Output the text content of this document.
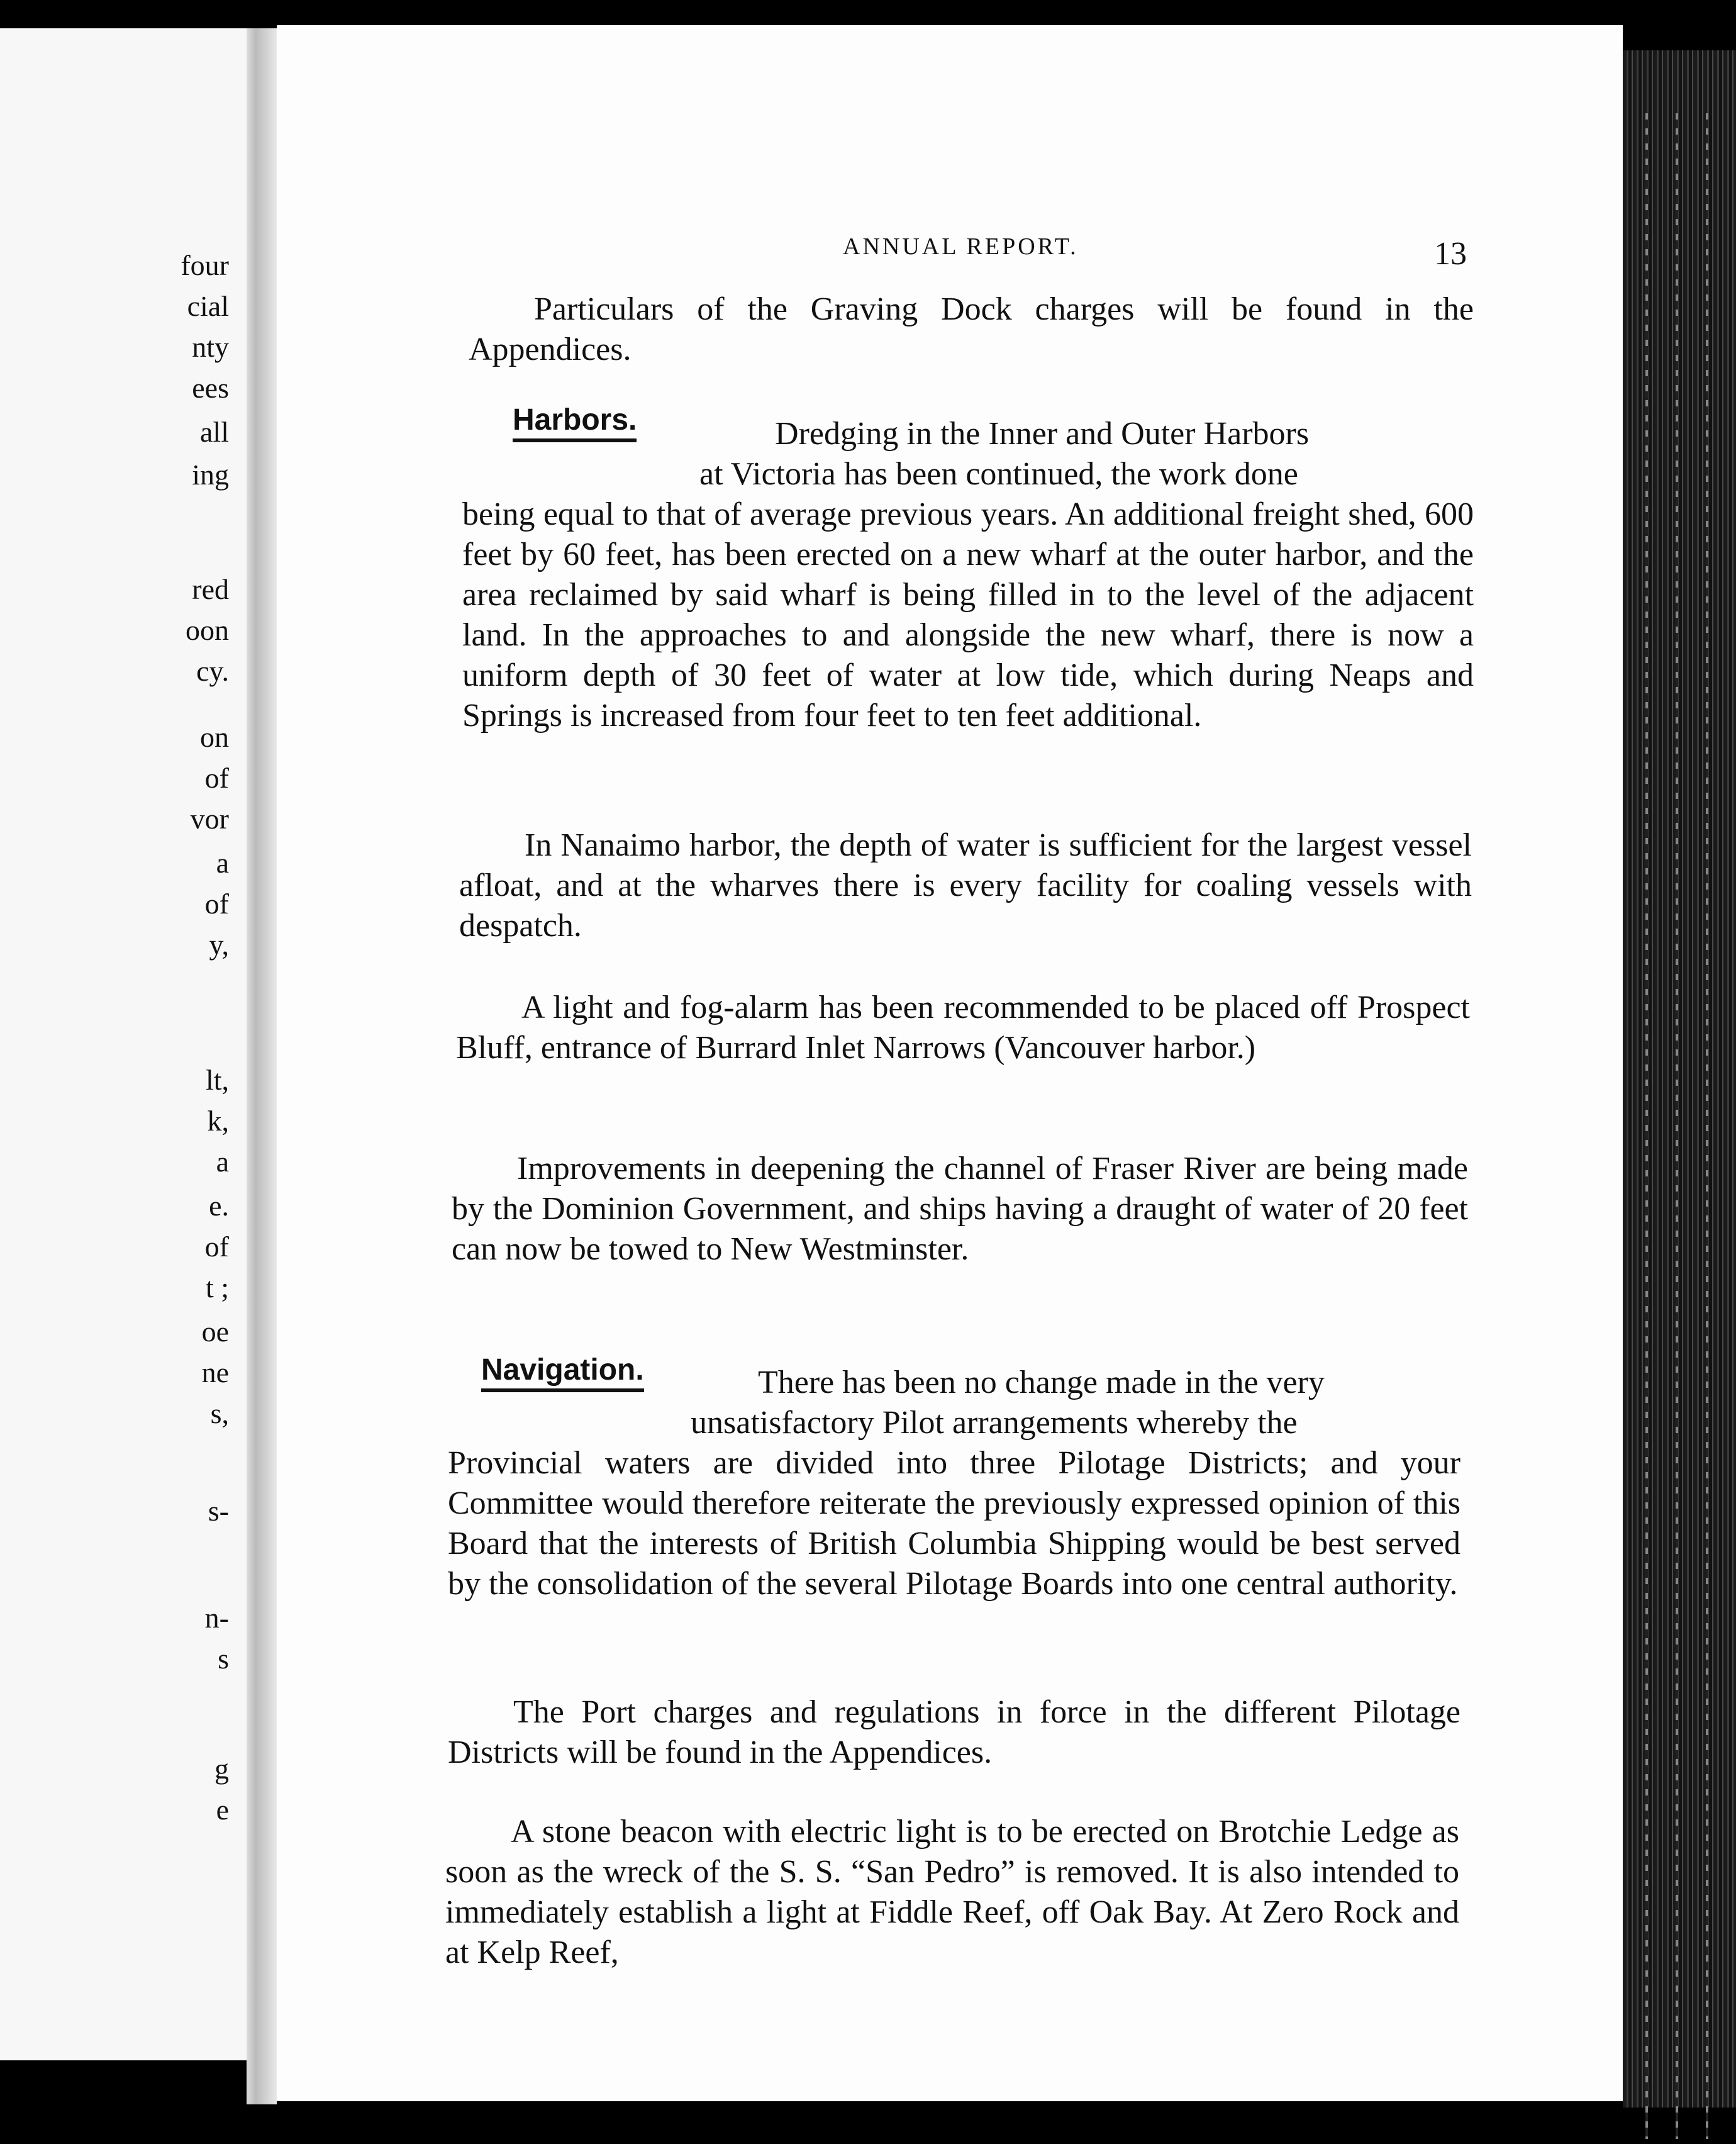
four
cial
nty
ees
all
ing
red
oon
cy.
on
of
vor
a
of
y,
lt,
k,
a
e.
of
t ;
oe
ne
s,
s-
n-
s
g
e
ANNUAL REPORT.	13

Particulars of the Graving Dock charges will be found in the Appendices.

Harbors.	Dredging in the Inner and Outer Harbors
at Victoria has been continued, the work done

being equal to that of average previous years. An additional freight shed, 600 feet by 60 feet, has been erected on a new wharf at the outer harbor, and the area reclaimed by said wharf is being filled in to the level of the adjacent land. In the approaches to and alongside the new wharf, there is now a uniform depth of 30 feet of water at low tide, which during Neaps and Springs is increased from four feet to ten feet additional.

In Nanaimo harbor, the depth of water is sufficient for the largest vessel afloat, and at the wharves there is every facility for coaling vessels with despatch.

A light and fog-alarm has been recommended to be placed off Prospect Bluff, entrance of Burrard Inlet Narrows (Vancouver harbor.)

Improvements in deepening the channel of Fraser River are being made by the Dominion Government, and ships having a draught of water of 20 feet can now be towed to New Westminster.

Navigation.	There has been no change made in the very
unsatisfactory Pilot arrangements whereby the

Provincial waters are divided into three Pilotage Districts; and your Committee would therefore reiterate the previously expressed opinion of this Board that the interests of British Columbia Shipping would be best served by the consolidation of the several Pilotage Boards into one central authority.

The Port charges and regulations in force in the different Pilotage Districts will be found in the Appendices.

A stone beacon with electric light is to be erected on Brotchie Ledge as soon as the wreck of the S. S. “San Pedro” is removed. It is also intended to immediately establish a light at Fiddle Reef, off Oak Bay. At Zero Rock and at Kelp Reef,
